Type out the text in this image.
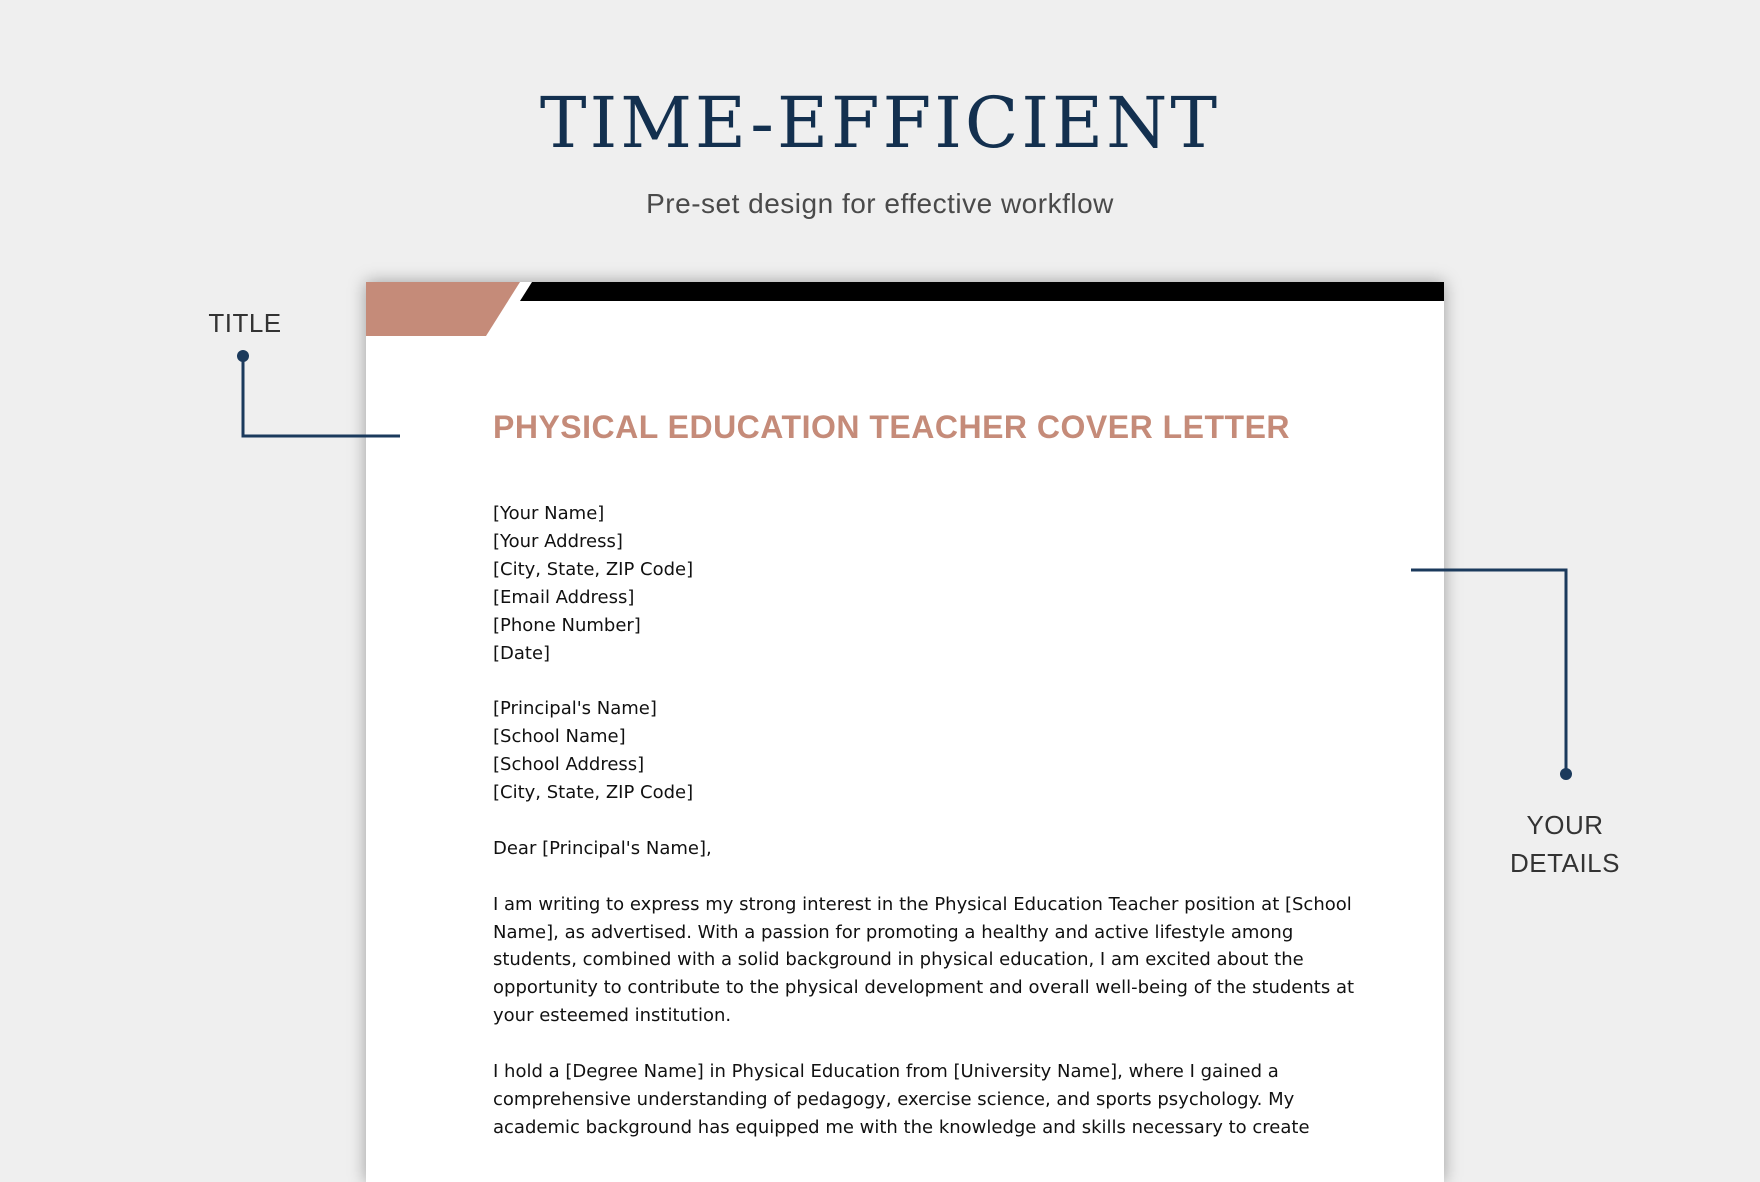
TIME-EFFICIENT
Pre-set design for effective workflow
TITLE
YOUR
DETAILS
PHYSICAL EDUCATION TEACHER COVER LETTER
[Your Name]
[Your Address]
[City, State, ZIP Code]
[Email Address]
[Phone Number]
[Date]
[Principal's Name]
[School Name]
[School Address]
[City, State, ZIP Code]
Dear [Principal's Name],
I am writing to express my strong interest in the Physical Education Teacher position at [School
Name], as advertised. With a passion for promoting a healthy and active lifestyle among
students, combined with a solid background in physical education, I am excited about the
opportunity to contribute to the physical development and overall well-being of the students at
your esteemed institution.
I hold a [Degree Name] in Physical Education from [University Name], where I gained a
comprehensive understanding of pedagogy, exercise science, and sports psychology. My
academic background has equipped me with the knowledge and skills necessary to create
